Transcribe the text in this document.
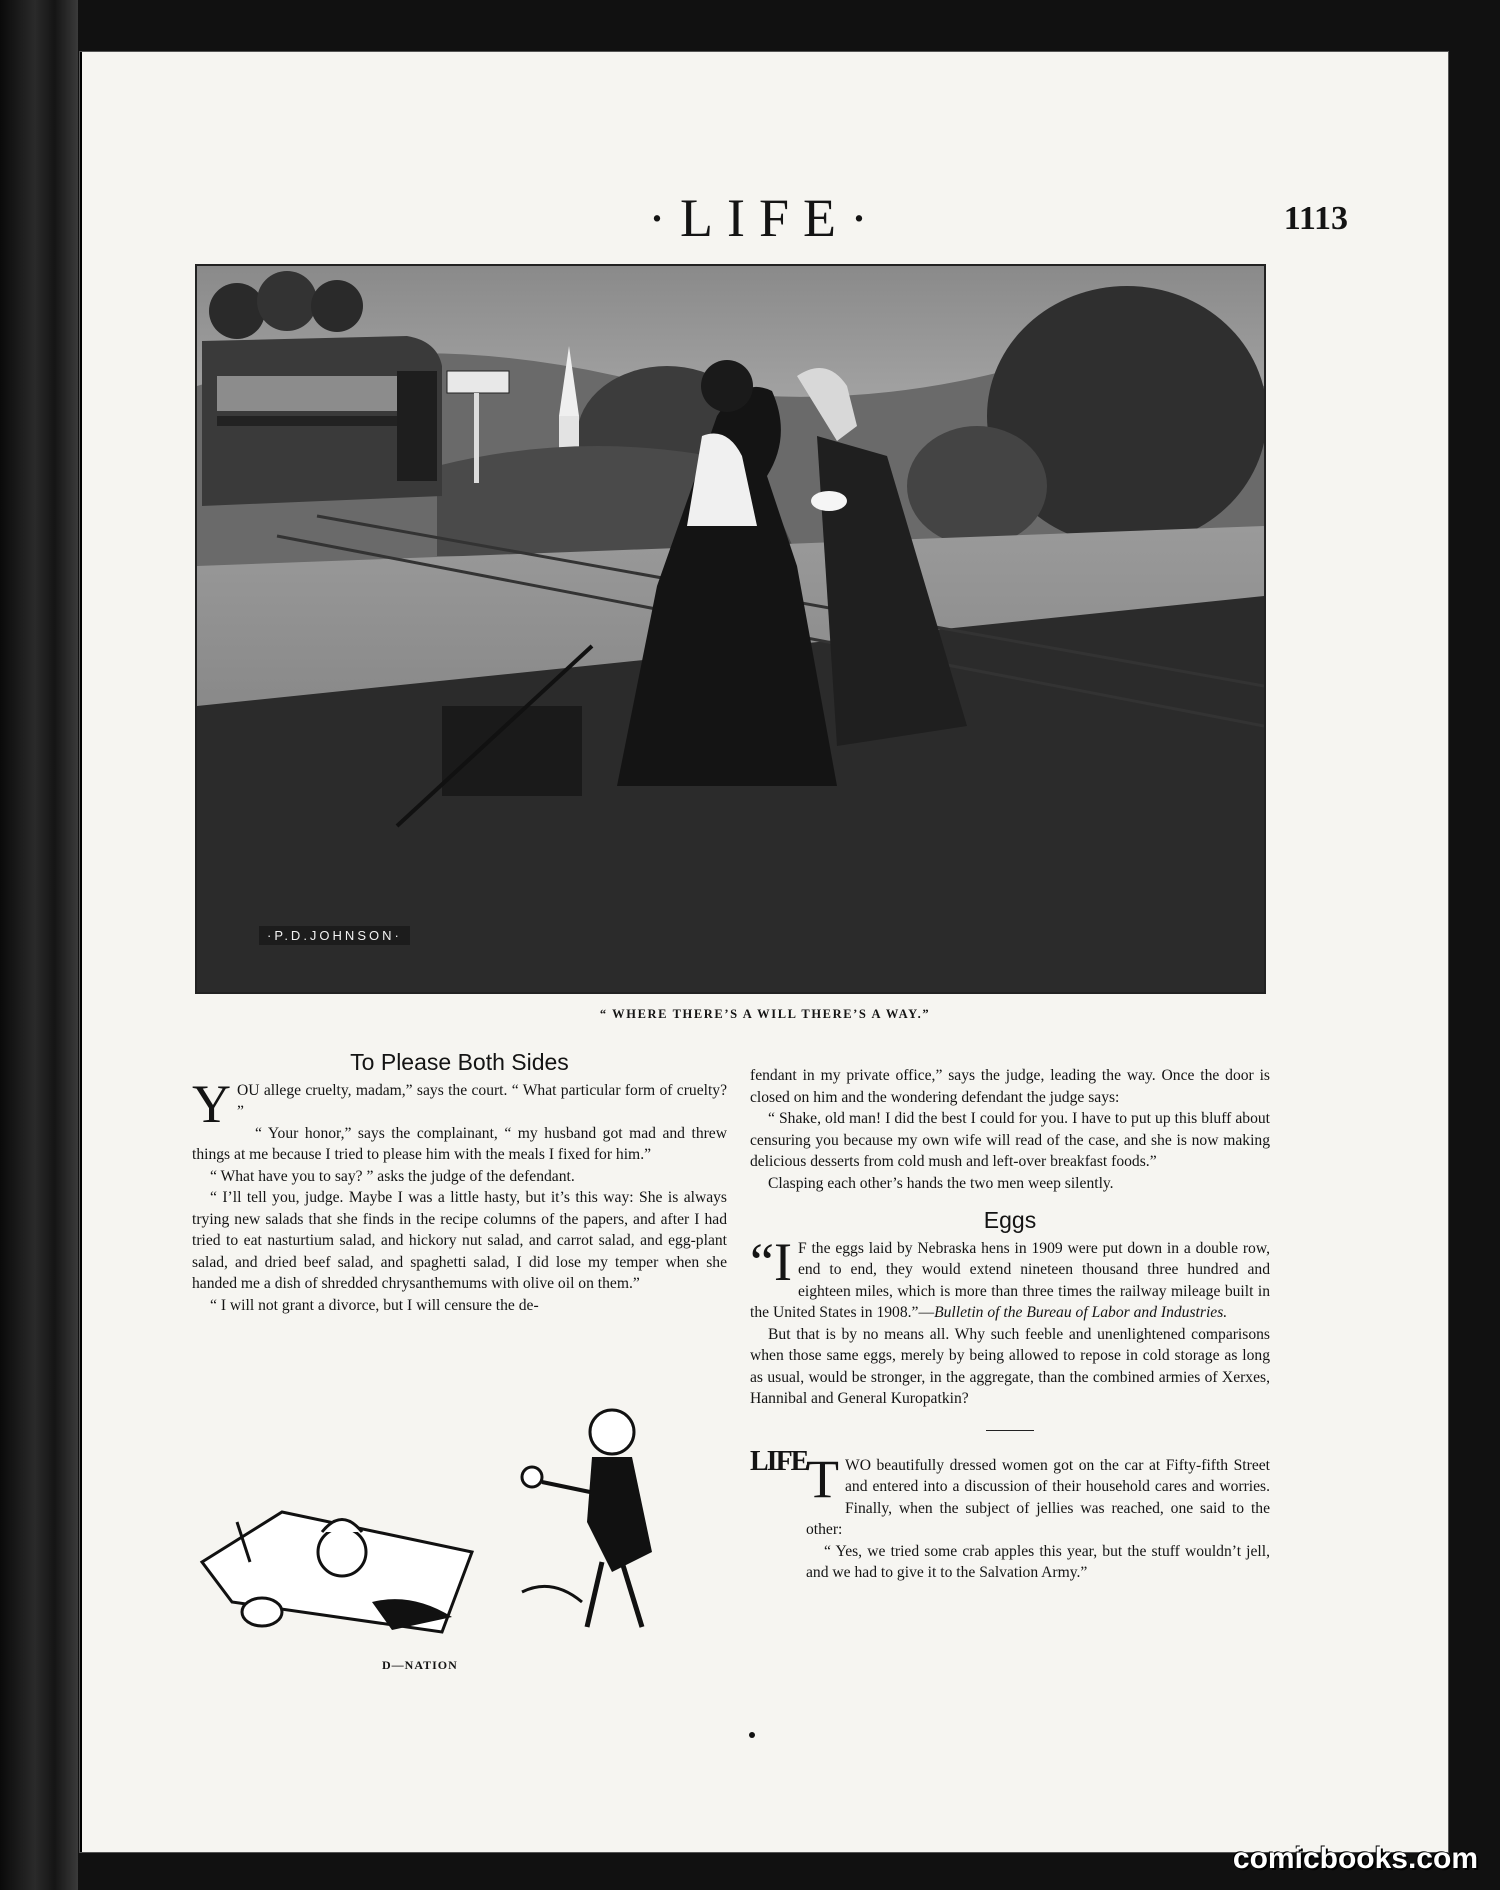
·LIFE·	1113
·P.D.JOHNSON·
“ WHERE THERE’S A WILL THERE’S A WAY.”
To Please Both Sides

YOU allege cruelty, madam,” says the court. “ What particular form of cruelty? ”

“ Your honor,” says the complainant, “ my husband got mad and threw things at me because I tried to please him with the meals I fixed for him.”

“ What have you to say? ” asks the judge of the defendant.

“ I’ll tell you, judge. Maybe I was a little hasty, but it’s this way: She is always trying new salads that she finds in the recipe columns of the papers, and after I had tried to eat nasturtium salad, and hickory nut salad, and carrot salad, and egg-plant salad, and dried beef salad, and spaghetti salad, I did lose my temper when she handed me a dish of shredded chrysanthemums with olive oil on them.”

“ I will not grant a divorce, but I will censure the de-

D—NATION

fendant in my private office,” says the judge, leading the way. Once the door is closed on him and the wondering defendant the judge says:

“ Shake, old man! I did the best I could for you. I have to put up this bluff about censuring you because my own wife will read of the case, and she is now making delicious desserts from cold mush and left-over breakfast foods.”

Clasping each other’s hands the two men weep silently.

Eggs

“I F the eggs laid by Nebraska hens in 1909 were put down in a double row, end to end, they would extend nineteen thousand three hundred and eighteen miles, which is more than three times the railway mileage built in the United States in 1908.”—Bulletin of the Bureau of Labor and Industries.

But that is by no means all. Why such feeble and unenlightened comparisons when those same eggs, merely by being allowed to repose in cold storage as long as usual, would be stronger, in the aggregate, than the combined armies of Xerxes, Hannibal and General Kuropatkin?

LIFE

TWO beautifully dressed women got on the car at Fifty-fifth Street and entered into a discussion of their household cares and worries. Finally, when the subject of jellies was reached, one said to the other:

“ Yes, we tried some crab apples this year, but the stuff wouldn’t jell, and we had to give it to the Salvation Army.”

comicbooks.com
